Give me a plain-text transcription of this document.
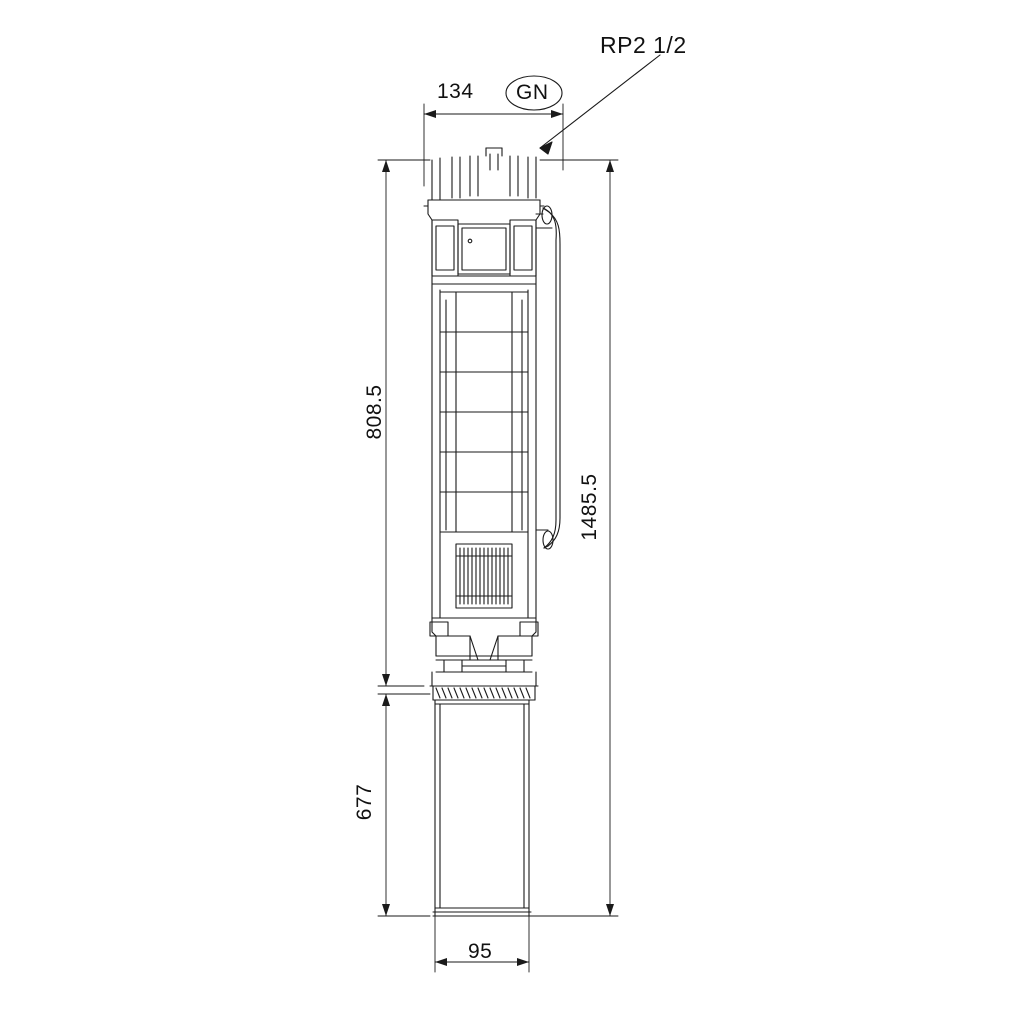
RP2 1/2
GN
134
808.5
1485.5
677
95
